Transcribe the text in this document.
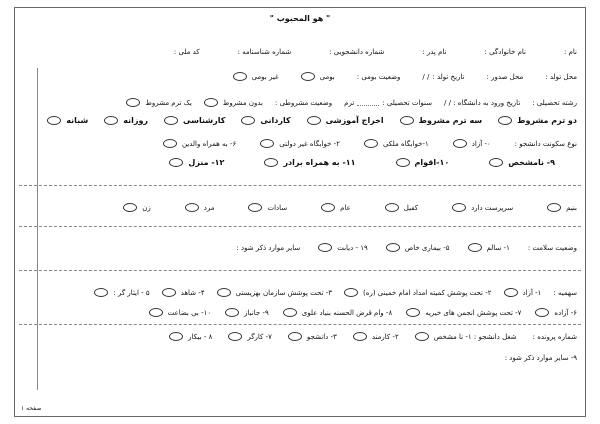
" هو المحبوب "
نام :
نام خانوادگی :
نام پدر :
شماره دانشجویی :
شماره شناسنامه :
کد ملی :
محل تولد :
محل صدور :
تاریخ تولد :
/ /
وضعیت بومی :
بومی
غیر بومی
رشته تحصیلی :
تاریخ ورود به دانشگاه : / /
سنوات تحصیلی :
ترم
وضعیت مشروطی :
بدون مشروط
یک ترم مشروط
دو ترم مشروط
سه ترم مشروط
اخراج آموزشی
کاردانی
کارشناسی
روزانه
شبانه
نوع سکونت دانشجو :
۰- آزاد
۱-خوابگاه ملکی
۲- خوابگاه غیر دولتی
۶- به همراه والدین
۹- نامشخص
۱۰-اقوام
۱۱- به همراه برادر
۱۲- منزل
بنیم
سرپرست دارد
کفیل
عام
سادات
مرد
زن
وضعیت سلامت :
۱- سالم
۵- بیماری خاص
۱۹ - دیابت
سایر موارد ذکر شود :
سهمیه :
۱- آزاد
۲- تحت پوشش کمیته امداد امام خمینی (ره)
۳- تحت پوشش سازمان بهزیستی
۴- شاهد
۵ - ایثار گر :
۶- آزاده
۷- تحت پوشش انجمن های خیریه
۸- وام قرض الحسنه بنیاد علوی
۹- جانباز
۱۰- بی بضاعت
شماره پرونده :
شغل دانشجو : ۱- نا مشخص
۲- کارمند
۳- دانشجو
۷- کارگر
۸ - بیکار
۹- سایر موارد ذکر شود :
صفحه ۱
